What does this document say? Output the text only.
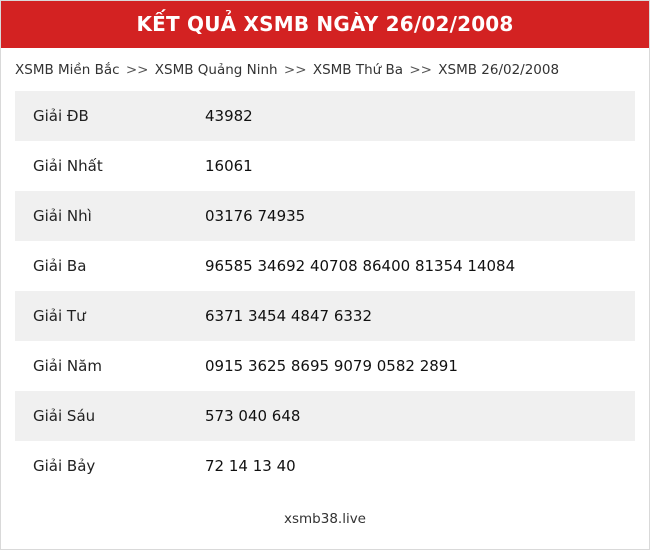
KẾT QUẢ XSMB NGÀY 26/02/2008
XSMB Miền Bắc >> XSMB Quảng Ninh >> XSMB Thứ Ba >> XSMB 26/02/2008
Giải ĐB	43982
Giải Nhất	16061
Giải Nhì	03176 74935
Giải Ba	96585 34692 40708 86400 81354 14084
Giải Tư	6371 3454 4847 6332
Giải Năm	0915 3625 8695 9079 0582 2891
Giải Sáu	573 040 648
Giải Bảy	72 14 13 40
xsmb38.live
